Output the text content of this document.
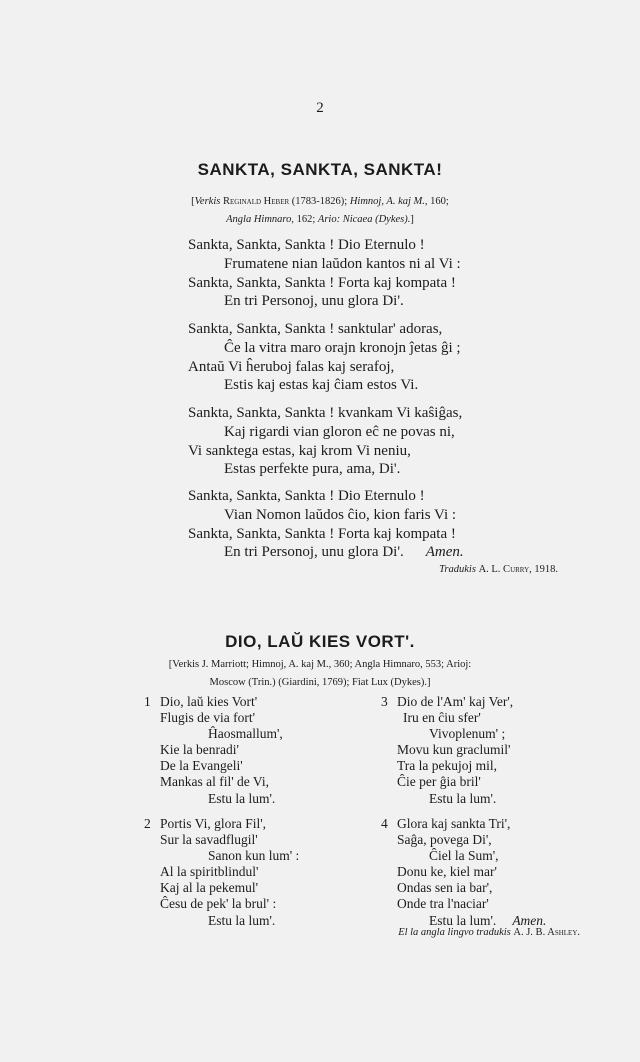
2
SANKTA, SANKTA, SANKTA!
[Verkis Reginald Heber (1783-1826); Himnoj, A. kaj M., 160;
Angla Himnaro, 162; Ario: Nicaea (Dykes).]
Sankta, Sankta, Sankta ! Dio Eternulo !
Frumatene nian laŭdon kantos ni al Vi :
Sankta, Sankta, Sankta ! Forta kaj kompata !
En tri Personoj, unu glora Di'.
Sankta, Sankta, Sankta ! sanktular' adoras,
Ĉe la vitra maro orajn kronojn ĵetas ĝi ;
Antaŭ Vi ĥeruboj falas kaj serafoj,
Estis kaj estas kaj ĉiam estos Vi.
Sankta, Sankta, Sankta ! kvankam Vi kaŝiĝas,
Kaj rigardi vian gloron eĉ ne povas ni,
Vi sanktega estas, kaj krom Vi neniu,
Estas perfekte pura, ama, Di'.
Sankta, Sankta, Sankta ! Dio Eternulo !
Vian Nomon laŭdos ĉio, kion faris Vi :
Sankta, Sankta, Sankta ! Forta kaj kompata !
En tri Personoj, unu glora Di'. Amen.
Tradukis A. L. Curry, 1918.
DIO, LAŬ KIES VORT'.
[Verkis J. Marriott; Himnoj, A. kaj M., 360; Angla Himnaro, 553; Arioj:
Moscow (Trin.) (Giardini, 1769); Fiat Lux (Dykes).]
1 Dio, laŭ kies Vort'
Flugis de via fort'
Ĥaosmallum',
Kie la benradi'
De la Evangeli'
Mankas al fil' de Vi,
Estu la lum'.
2 Portis Vi, glora Fil',
Sur la savadflugil'
Sanon kun lum' :
Al la spiritblindul'
Kaj al la pekemul'
Ĉesu de pek' la brul' :
Estu la lum'.
3 Dio de l'Am' kaj Ver',
Iru en ĉiu sfer'
Vivoplenum' ;
Movu kun graclumil'
Tra la pekujoj mil,
Ĉie per ĝia bril'
Estu la lum'.
4 Glora kaj sankta Tri',
Saĝa, povega Di',
Ĉiel la Sum',
Donu ke, kiel mar'
Ondas sen ia bar',
Onde tra l'naciar'
Estu la lum'. Amen.
El la angla lingvo tradukis A. J. B. Ashley.
